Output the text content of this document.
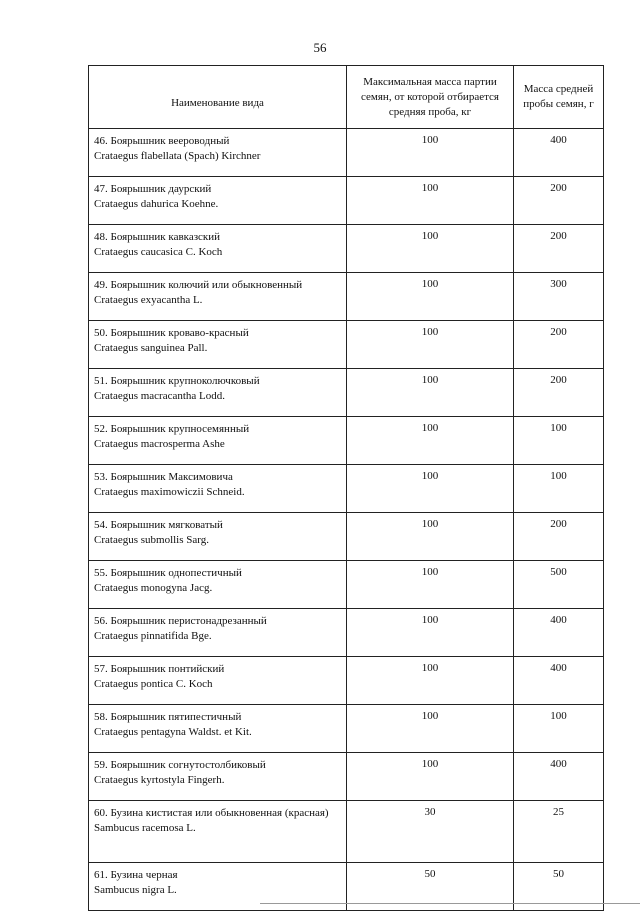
56
Наименование вида	Максимальная масса партии семян, от которой отбирается средняя проба, кг	Масса средней пробы семян, г

46. Боярышник веероводный
Crataegus flabellata (Spach) Kirchner	100	400

47. Боярышник даурский
Crataegus dahurica Koehne.	100	200

48. Боярышник кавказский
Crataegus caucasica C. Koch	100	200

49. Боярышник колючий или обыкновенный
Crataegus exyacantha L.	100	300

50. Боярышник кроваво-красный
Crataegus sanguinea Pall.	100	200

51. Боярышник крупноколючковый
Crataegus macracantha Lodd.	100	200

52. Боярышник крупносемянный
Crataegus macrosperma Ashe	100	100

53. Боярышник Максимовича
Crataegus maximowiczii Schneid.	100	100

54. Боярышник мягковатый
Crataegus submollis Sarg.	100	200

55. Боярышник однопестичный
Crataegus monogyna Jacg.	100	500

56. Боярышник перистонадрезанный
Crataegus pinnatifida Bge.	100	400

57. Боярышник понтийский
Crataegus pontica C. Koch	100	400

58. Боярышник пятипестичный
Crataegus pentagyna Waldst. et Kit.	100	100

59. Боярышник согнутостолбиковый
Crataegus kyrtostyla Fingerh.	100	400

60. Бузина кистистая или обыкновенная (красная)
Sambucus racemosa L.	30	25

61. Бузина черная
Sambucus nigra L.	50	50
